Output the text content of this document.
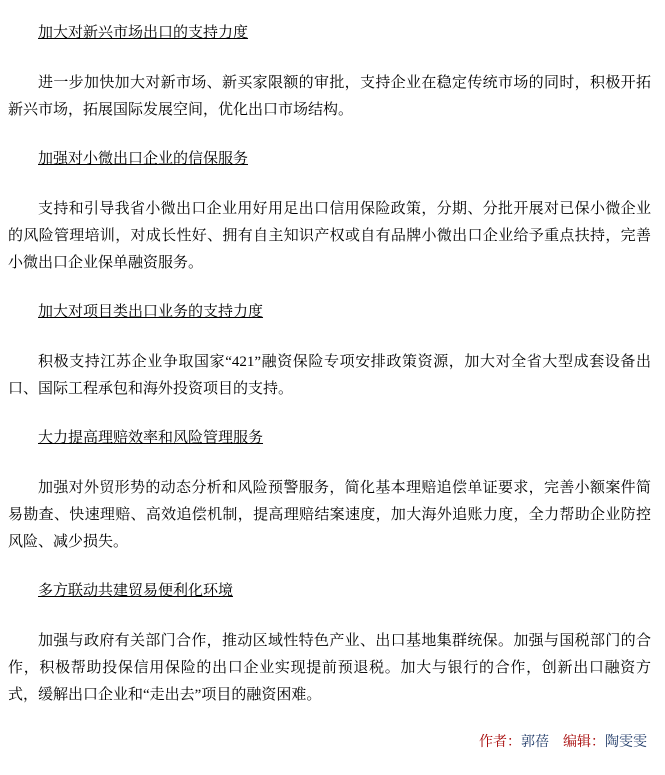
加大对新兴市场出口的支持力度

进一步加快加大对新市场、新买家限额的审批，支持企业在稳定传统市场的同时，积极开拓新兴市场，拓展国际发展空间，优化出口市场结构。

加强对小微出口企业的信保服务

支持和引导我省小微出口企业用好用足出口信用保险政策，分期、分批开展对已保小微企业的风险管理培训，对成长性好、拥有自主知识产权或自有品牌小微出口企业给予重点扶持，完善小微出口企业保单融资服务。

加大对项目类出口业务的支持力度

积极支持江苏企业争取国家“421”融资保险专项安排政策资源，加大对全省大型成套设备出口、国际工程承包和海外投资项目的支持。

大力提高理赔效率和风险管理服务

加强对外贸形势的动态分析和风险预警服务，简化基本理赔追偿单证要求，完善小额案件简易勘查、快速理赔、高效追偿机制，提高理赔结案速度，加大海外追账力度，全力帮助企业防控风险、减少损失。

多方联动共建贸易便利化环境

加强与政府有关部门合作，推动区域性特色产业、出口基地集群统保。加强与国税部门的合作，积极帮助投保信用保险的出口企业实现提前预退税。加大与银行的合作，创新出口融资方式，缓解出口企业和“走出去”项目的融资困难。

作者：郭蓓　 编辑：陶雯雯
